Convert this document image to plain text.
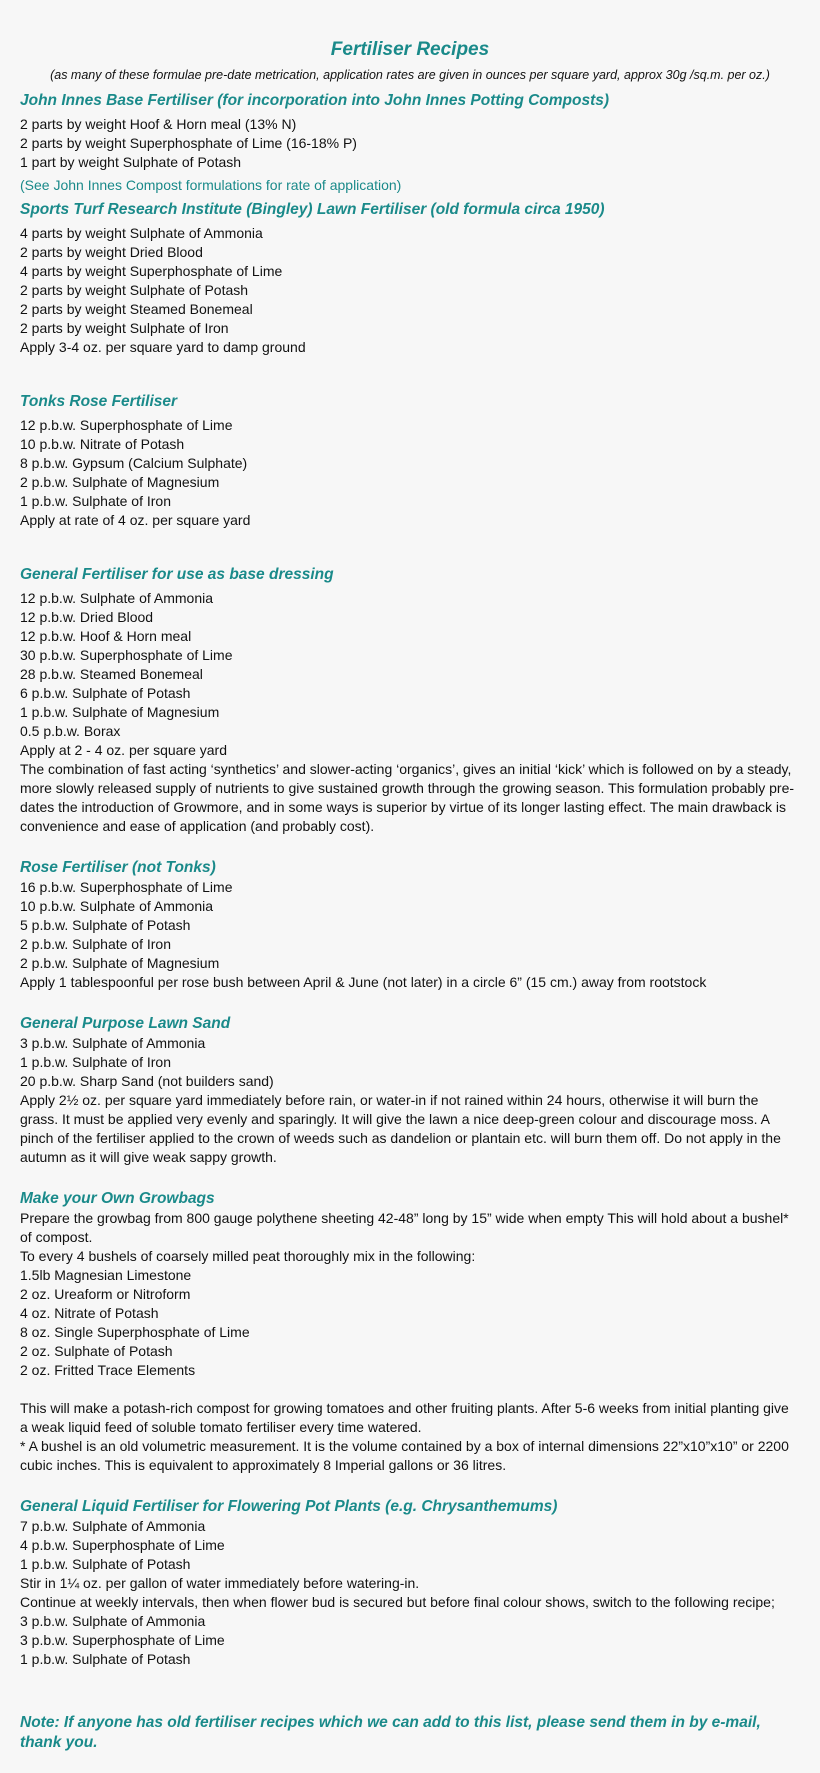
Fertiliser Recipes

(as many of these formulae pre-date metrication, application rates are given in ounces per square yard, approx 30g /sq.m. per oz.)

John Innes Base Fertiliser (for incorporation into John Innes Potting Composts)

2 parts by weight Hoof & Horn meal (13% N)

2 parts by weight Superphosphate of Lime (16-18% P)

1 part by weight Sulphate of Potash

(See John Innes Compost formulations for rate of application)

Sports Turf Research Institute (Bingley) Lawn Fertiliser (old formula circa 1950)

4 parts by weight Sulphate of Ammonia

2 parts by weight Dried Blood

4 parts by weight Superphosphate of Lime

2 parts by weight Sulphate of Potash

2 parts by weight Steamed Bonemeal

2 parts by weight Sulphate of Iron

Apply 3-4 oz. per square yard to damp ground

Tonks Rose Fertiliser

12 p.b.w. Superphosphate of Lime

10 p.b.w. Nitrate of Potash

8 p.b.w. Gypsum (Calcium Sulphate)

2 p.b.w. Sulphate of Magnesium

1 p.b.w. Sulphate of Iron

Apply at rate of 4 oz. per square yard

General Fertiliser for use as base dressing

12 p.b.w. Sulphate of Ammonia

12 p.b.w. Dried Blood

12 p.b.w. Hoof & Horn meal

30 p.b.w. Superphosphate of Lime

28 p.b.w. Steamed Bonemeal

6 p.b.w. Sulphate of Potash

1 p.b.w. Sulphate of Magnesium

0.5 p.b.w. Borax

Apply at 2 - 4 oz. per square yard

The combination of fast acting ‘synthetics’ and slower-acting ‘organics’, gives an initial ‘kick’ which is followed on by a steady, more slowly released supply of nutrients to give sustained growth through the growing season. This formulation probably pre-dates the introduction of Growmore, and in some ways is superior by virtue of its longer lasting effect. The main drawback is convenience and ease of application (and probably cost).

Rose Fertiliser (not Tonks)

16 p.b.w. Superphosphate of Lime

10 p.b.w. Sulphate of Ammonia

5 p.b.w. Sulphate of Potash

2 p.b.w. Sulphate of Iron

2 p.b.w. Sulphate of Magnesium

Apply 1 tablespoonful per rose bush between April & June (not later) in a circle 6” (15 cm.) away from rootstock

General Purpose Lawn Sand

3 p.b.w. Sulphate of Ammonia

1 p.b.w. Sulphate of Iron

20 p.b.w. Sharp Sand (not builders sand)

Apply 2½ oz. per square yard immediately before rain, or water-in if not rained within 24 hours, otherwise it will burn the grass. It must be applied very evenly and sparingly. It will give the lawn a nice deep-green colour and discourage moss. A pinch of the fertiliser applied to the crown of weeds such as dandelion or plantain etc. will burn them off. Do not apply in the autumn as it will give weak sappy growth.

Make your Own Growbags

Prepare the growbag from 800 gauge polythene sheeting 42-48” long by 15” wide when empty This will hold about a bushel* of compost.

To every 4 bushels of coarsely milled peat thoroughly mix in the following:

1.5lb Magnesian Limestone

2 oz. Ureaform or Nitroform

4 oz. Nitrate of Potash

8 oz. Single Superphosphate of Lime

2 oz. Sulphate of Potash

2 oz. Fritted Trace Elements

This will make a potash-rich compost for growing tomatoes and other fruiting plants. After 5-6 weeks from initial planting give a weak liquid feed of soluble tomato fertiliser every time watered.

* A bushel is an old volumetric measurement. It is the volume contained by a box of internal dimensions 22”x10”x10” or 2200 cubic inches. This is equivalent to approximately 8 Imperial gallons or 36 litres.

General Liquid Fertiliser for Flowering Pot Plants (e.g. Chrysanthemums)

7 p.b.w. Sulphate of Ammonia

4 p.b.w. Superphosphate of Lime

1 p.b.w. Sulphate of Potash

Stir in 1¼ oz. per gallon of water immediately before watering-in.

Continue at weekly intervals, then when flower bud is secured but before final colour shows, switch to the following recipe;

3 p.b.w. Sulphate of Ammonia

3 p.b.w. Superphosphate of Lime

1 p.b.w. Sulphate of Potash

Note: If anyone has old fertiliser recipes which we can add to this list, please send them in by e-mail, thank you.
